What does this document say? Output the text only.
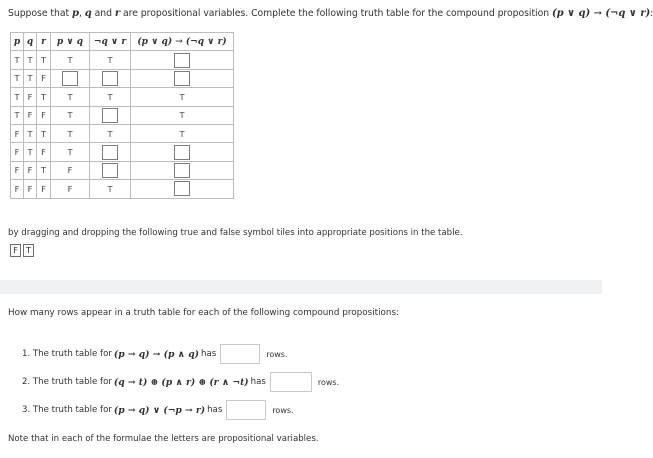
Suppose that p, q and r are propositional variables. Complete the following truth table for the compound proposition (p ∨ q) → (¬q ∨ r):
p	q	r	p ∨ q	¬q ∨ r	(p ∨ q) → (¬q ∨ r)
T	T	T	T	T	
T	T	F			
T	F	T	T	T	T
T	F	F	T		T
F	T	T	T	T	T
F	T	F	T		
F	F	T	F		
F	F	F	F	T	
by dragging and dropping the following true and false symbol tiles into appropriate positions in the table.
F	T
How many rows appear in a truth table for each of the following compound propositions:
1. The truth table for (p → q) → (p ∧ q) has	rows.
2. The truth table for (q → t) ⊕ (p ∧ r) ⊕ (r ∧ ¬t) has	rows.
3. The truth table for (p → q) ∨ (¬p → r) has	rows.
Note that in each of the formulae the letters are propositional variables.
